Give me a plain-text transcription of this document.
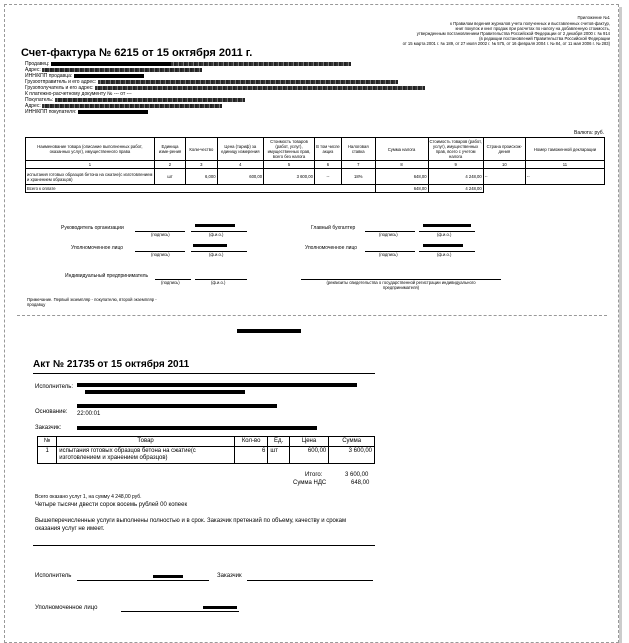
Приложение №1
к Правилам ведения журналов учета полученных и выставленных счетов-фактур,
книг покупок и книг продаж при расчетах по налогу на добавленную стоимость,
утвержденным постановлением Правительства Российской Федерации от 2 декабря 2000 г. № 914
(в редакции постановлений Правительства Российской Федерации
от 15 марта 2001 г. № 189, от 27 июля 2002 г. № 575, от 16 февраля 2004 г. № 84, от 11 мая 2006 г. № 283)
Счет-фактура № 6215 от 15 октября 2011 г.
Продавец:
Адрес:
ИНН/КПП продавца:
Грузоотправитель и его адрес:
Грузополучатель и его адрес:
К платежно-расчетному документу № --- от ---
Покупатель:
Адрес:
ИНН/КПП покупателя:
Валюта: руб.
Наименование товара (описание выполненных работ, оказанных услуг), имущественного права	Единица изме-рения	Коли-чество	Цена (тариф) за единицу измерения	Стоимость товаров (работ, услуг), имущественных прав, всего без налога	В том числе акциз	Налоговая ставка	Сумма налога	Стоимость товаров (работ, услуг), имущественных прав, всего с учетом налога	Страна происхож-дения	Номер таможенной декларации
1	2	3	4	5	6	7	8	9	10	11
испытания готовых образцов бетона на сжатие(с изготовлением и хранением образцов)	шт	6,000	600,00	3 600,00	--	18%	648,00	4 248,00	--	--
Всего к оплате							648,00	4 248,00		
Руководитель организации
(подпись)	(ф.и.о.)
Главный бухгалтер
(подпись)	(ф.и.о.)
Уполномоченное лицо
(подпись)	(ф.и.о.)
Уполномоченное лицо
(подпись)	(ф.и.о.)
Индивидуальный предприниматель
(подпись)	(ф.и.о.)	(реквизиты свидетельства о государственной регистрации индивидуального предпринимателя)
Примечание. Первый экземпляр - покупателю, второй экземпляр - продавцу
Акт № 21735 от 15 октября 2011
Исполнитель:
Основание: 22:00:01
Заказчик:
№	Товар	Кол-во	Ед.	Цена	Сумма
1	испытания готовых образцов бетона на сжатие(с изготовлением и хранением образцов)	6	шт	600,00	3 600,00
Итого:	3 600,00
Сумма НДС	648,00
Всего оказано услуг 1, на сумму 4 248,00 руб.
Четыре тысячи двести сорок восемь рублей 00 копеек
Вышеперечисленные услуги выполнены полностью и в срок. Заказчик претензий по объему, качеству и срокам оказания услуг не имеет.
Исполнитель	Заказчик
Уполномоченное лицо
